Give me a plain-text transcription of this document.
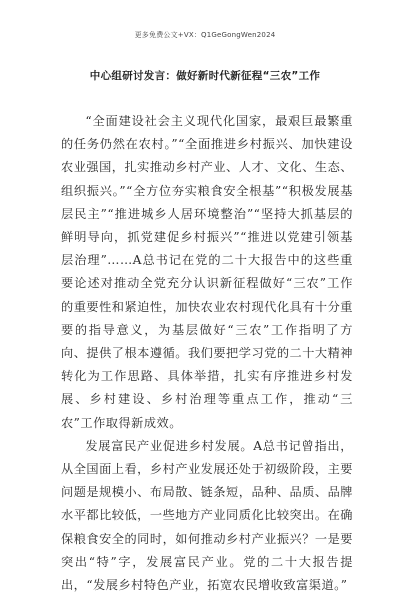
更多免费公文+VX：Q1GeGongWen2024
中心组研讨发言：做好新时代新征程“三农”工作

“全面建设社会主义现代化国家，最艰巨最繁重的任务仍然在农村。”“全面推进乡村振兴、加快建设农业强国，扎实推动乡村产业、人才、文化、生态、组织振兴。”“全方位夯实粮食安全根基”“积极发展基层民主”“推进城乡人居环境整治”“坚持大抓基层的鲜明导向，抓党建促乡村振兴”“推进以党建引领基层治理”……A总书记在党的二十大报告中的这些重要论述对推动全党充分认识新征程做好“三农”工作的重要性和紧迫性，加快农业农村现代化具有十分重要的指导意义，为基层做好“三农”工作指明了方向、提供了根本遵循。我们要把学习党的二十大精神转化为工作思路、具体举措，扎实有序推进乡村发展、乡村建设、乡村治理等重点工作，推动“三农”工作取得新成效。

发展富民产业促进乡村发展。A总书记曾指出，从全国面上看，乡村产业发展还处于初级阶段，主要问题是规模小、布局散、链条短，品种、品质、品牌水平都比较低，一些地方产业同质化比较突出。在确保粮食安全的同时，如何推动乡村产业振兴？一是要突出“特”字，发展富民产业。党的二十大报告提出，“发展乡村特色产业，拓宽农民增收致富渠道。”
